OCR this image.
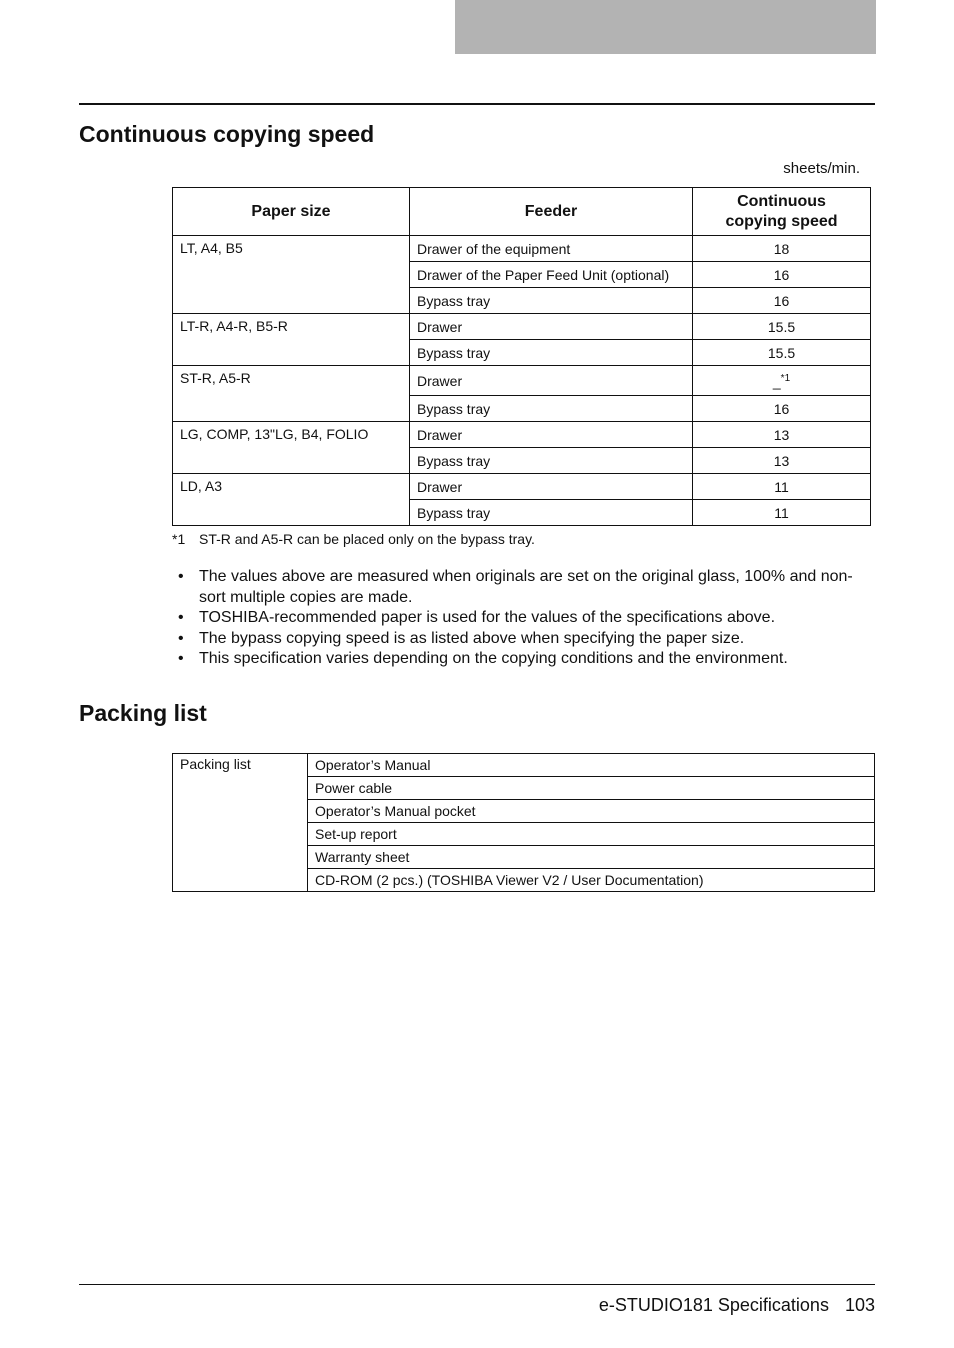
Continuous copying speed
sheets/min.
Paper size	Feeder	Continuous
copying speed
LT, A4, B5	Drawer of the equipment	18
	Drawer of the Paper Feed Unit (optional)	16
	Bypass tray	16
LT-R, A4-R, B5-R	Drawer	15.5
	Bypass tray	15.5
ST-R, A5-R	Drawer	_$^{*1}$
	Bypass tray	16
LG, COMP, 13"LG, B4, FOLIO	Drawer	13
	Bypass tray	13
LD, A3	Drawer	11
	Bypass tray	11
*1 ST-R and A5-R can be placed only on the bypass tray.
• The values above are measured when originals are set on the original glass, 100% and non-sort multiple copies are made.
• TOSHIBA-recommended paper is used for the values of the specifications above.
• The bypass copying speed is as listed above when specifying the paper size.
• This specification varies depending on the copying conditions and the environment.
Packing list
Packing list	Operator’s Manual
Power cable
Operator’s Manual pocket
Set-up report
Warranty sheet
CD-ROM (2 pcs.) (TOSHIBA Viewer V2 / User Documentation)
e-STUDIO181 Specifications 103
